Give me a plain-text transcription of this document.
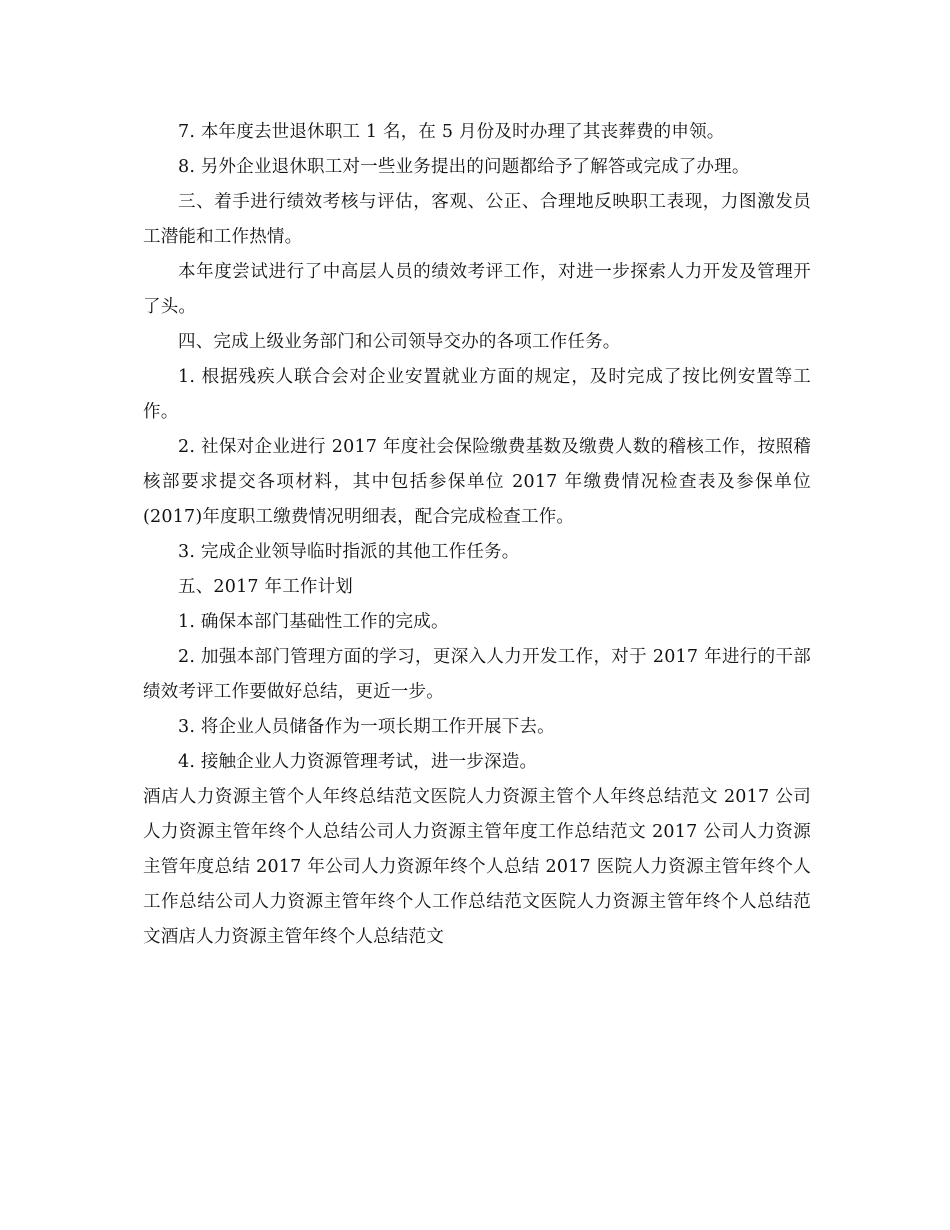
7. 本年度去世退休职工 1 名，在 5 月份及时办理了其丧葬费的申领。

8. 另外企业退休职工对一些业务提出的问题都给予了解答或完成了办理。

三、着手进行绩效考核与评估，客观、公正、合理地反映职工表现，力图激发员工潜能和工作热情。

本年度尝试进行了中高层人员的绩效考评工作，对进一步探索人力开发及管理开了头。

四、完成上级业务部门和公司领导交办的各项工作任务。

1. 根据残疾人联合会对企业安置就业方面的规定，及时完成了按比例安置等工作。

2. 社保对企业进行 2017 年度社会保险缴费基数及缴费人数的稽核工作，按照稽核部要求提交各项材料，其中包括参保单位 2017 年缴费情况检查表及参保单位(2017)年度职工缴费情况明细表，配合完成检查工作。

3. 完成企业领导临时指派的其他工作任务。

五、2017 年工作计划

1. 确保本部门基础性工作的完成。

2. 加强本部门管理方面的学习，更深入人力开发工作，对于 2017 年进行的干部绩效考评工作要做好总结，更近一步。

3. 将企业人员储备作为一项长期工作开展下去。

4. 接触企业人力资源管理考试，进一步深造。

酒店人力资源主管个人年终总结范文医院人力资源主管个人年终总结范文 2017 公司人力资源主管年终个人总结公司人力资源主管年度工作总结范文 2017 公司人力资源主管年度总结 2017 年公司人力资源年终个人总结 2017 医院人力资源主管年终个人工作总结公司人力资源主管年终个人工作总结范文医院人力资源主管年终个人总结范文酒店人力资源主管年终个人总结范文
